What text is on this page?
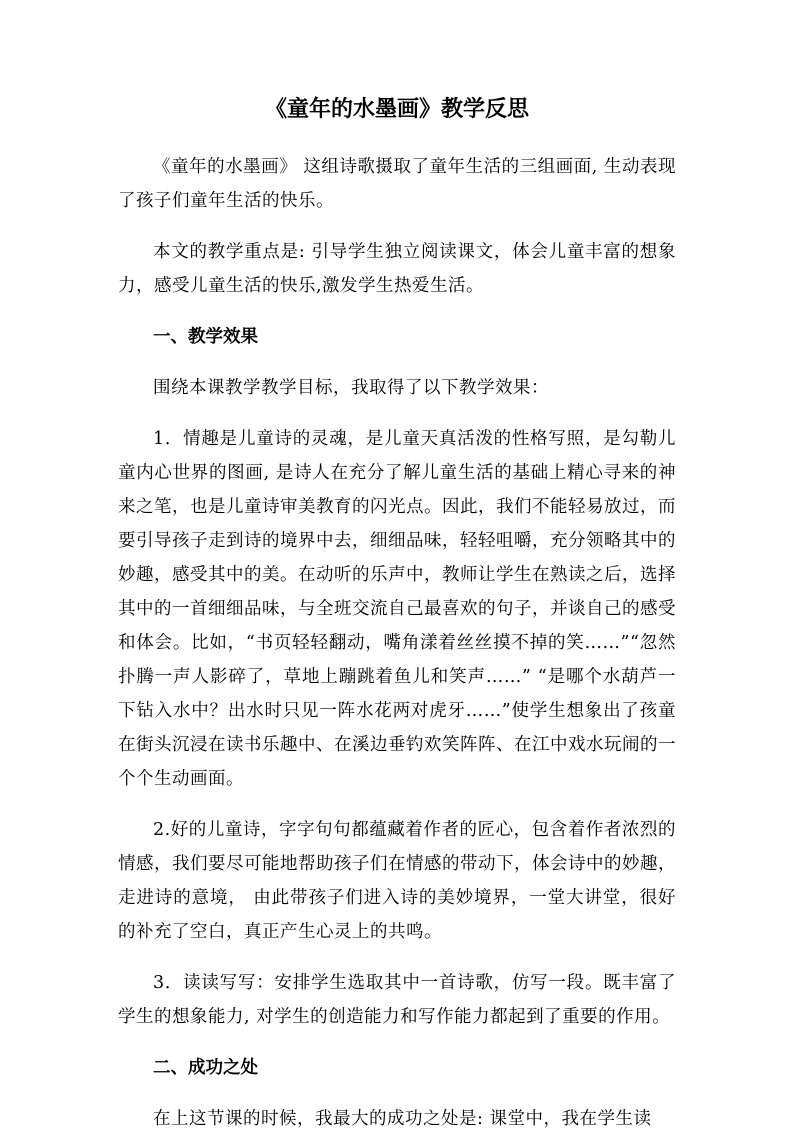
《童年的水墨画》教学反思

《童年的水墨画》 这组诗歌摄取了童年生活的三组画面, 生动表现了孩子们童年生活的快乐。

本文的教学重点是: 引导学生独立阅读课文，体会儿童丰富的想象力，感受儿童生活的快乐,激发学生热爱生活。

一、教学效果

围绕本课教学教学目标，我取得了以下教学效果：

1．情趣是儿童诗的灵魂，是儿童天真活泼的性格写照，是勾勒儿童内心世界的图画, 是诗人在充分了解儿童生活的基础上精心寻来的神来之笔，也是儿童诗审美教育的闪光点。因此，我们不能轻易放过，而要引导孩子走到诗的境界中去，细细品味，轻轻咀嚼，充分领略其中的妙趣，感受其中的美。在动听的乐声中，教师让学生在熟读之后，选择其中的一首细细品味，与全班交流自己最喜欢的句子，并谈自己的感受和体会。比如，“书页轻轻翻动，嘴角漾着丝丝摸不掉的笑……”“忽然扑腾一声人影碎了，草地上蹦跳着鱼儿和笑声……” “是哪个水葫芦一下钻入水中？出水时只见一阵水花两对虎牙……”使学生想象出了孩童在街头沉浸在读书乐趣中、在溪边垂钓欢笑阵阵、在江中戏水玩闹的一个个生动画面。

2.好的儿童诗，字字句句都蕴藏着作者的匠心，包含着作者浓烈的情感，我们要尽可能地帮助孩子们在情感的带动下，体会诗中的妙趣，走进诗的意境， 由此带孩子们进入诗的美妙境界，一堂大讲堂，很好的补充了空白，真正产生心灵上的共鸣。

3．读读写写：安排学生选取其中一首诗歌，仿写一段。既丰富了学生的想象能力, 对学生的创造能力和写作能力都起到了重要的作用。

二、成功之处

在上这节课的时候，我最大的成功之处是: 课堂中，我在学生读
